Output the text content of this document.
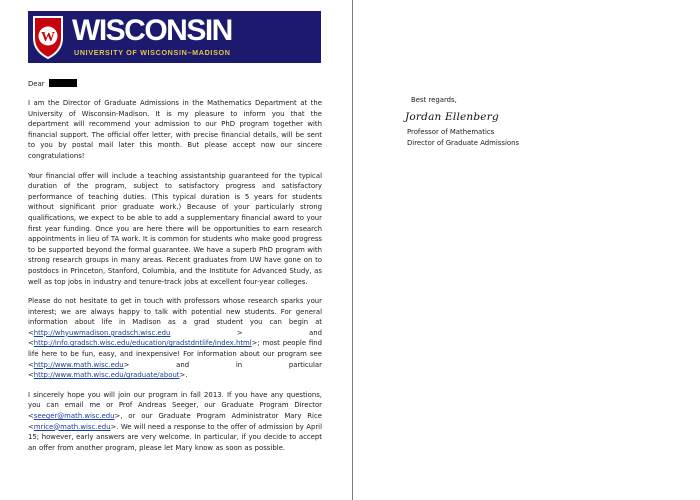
W WISCONSIN
UNIVERSITY OF WISCONSIN–MADISON
Dear

I am the Director of Graduate Admissions in the Mathematics Department at the University of Wisconsin-Madison. It is my pleasure to inform you that the department will recommend your admission to our PhD program together with financial support. The official offer letter, with precise financial details, will be sent to you by postal mail later this month. But please accept now our sincere congratulations!

Your financial offer will include a teaching assistantship guaranteed for the typical duration of the program, subject to satisfactory progress and satisfactory performance of teaching duties. (This typical duration is 5 years for students without significant prior graduate work.) Because of your particularly strong qualifications, we expect to be able to add a supplementary financial award to your first year funding. Once you are here there will be opportunities to earn research appointments in lieu of TA work. It is common for students who make good progress to be supported beyond the formal guarantee. We have a superb PhD program with strong research groups in many areas. Recent graduates from UW have gone on to postdocs in Princeton, Stanford, Columbia, and the Institute for Advanced Study, as well as top jobs in industry and tenure-track jobs at excellent four-year colleges.

Please do not hesitate to get in touch with professors whose research sparks your interest; we are always happy to talk with potential new students. For general information about life in Madison as a grad student you can begin at <http://whyuwmadison.gradsch.wisc.edu > and <http://info.gradsch.wisc.edu/education/gradstdntlife/index.html>; most people find life here to be fun, easy, and inexpensive! For information about our program see <http://www.math.wisc.edu> and in particular <http://www.math.wisc.edu/graduate/about>.

I sincerely hope you will join our program in fall 2013. If you have any questions, you can email me or Prof Andreas Seeger, our Graduate Program Director <seeger@math.wisc.edu>, or our Graduate Program Administrator Mary Rice <mrice@math.wisc.edu>. We will need a response to the offer of admission by April 15; however, early answers are very welcome. In particular, if you decide to accept an offer from another program, please let Mary know as soon as possible.

Best regards,
Jordan Ellenberg
Professor of Mathematics
Director of Graduate Admissions
